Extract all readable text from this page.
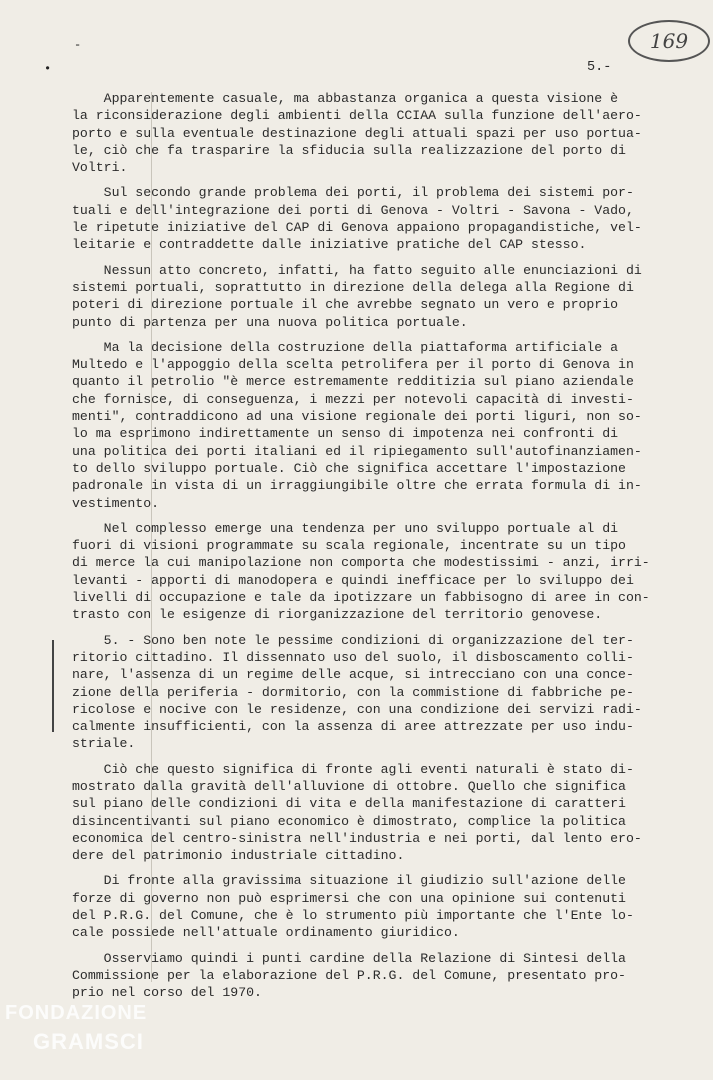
169
-
•	5.-

Apparentemente casuale, ma abbastanza organica a questa visione è
la riconsiderazione degli ambienti della CCIAA sulla funzione dell'aero-
porto e sulla eventuale destinazione degli attuali spazi per uso portua-
le, ciò che fa trasparire la sfiducia sulla realizzazione del porto di
Voltri.

Sul secondo grande problema dei porti, il problema dei sistemi por-
tuali e dell'integrazione dei porti di Genova - Voltri - Savona - Vado,
le ripetute iniziative del CAP di Genova appaiono propagandistiche, vel-
leitarie e contraddette dalle iniziative pratiche del CAP stesso.

Nessun atto concreto, infatti, ha fatto seguito alle enunciazioni di
sistemi portuali, soprattutto in direzione della delega alla Regione di
poteri di direzione portuale il che avrebbe segnato un vero e proprio
punto di partenza per una nuova politica portuale.

Ma la decisione della costruzione della piattaforma artificiale a
Multedo e l'appoggio della scelta petrolifera per il porto di Genova in
quanto il petrolio "è merce estremamente redditizia sul piano aziendale
che fornisce, di conseguenza, i mezzi per notevoli capacità di investi-
menti", contraddicono ad una visione regionale dei porti liguri, non so-
lo ma esprimono indirettamente un senso di impotenza nei confronti di
una politica dei porti italiani ed il ripiegamento sull'autofinanziamen-
to dello sviluppo portuale. Ciò che significa accettare l'impostazione
padronale in vista di un irraggiungibile oltre che errata formula di in-
vestimento.

Nel complesso emerge una tendenza per uno sviluppo portuale al di
fuori di visioni programmate su scala regionale, incentrate su un tipo
di merce la cui manipolazione non comporta che modestissimi - anzi, irri-
levanti - apporti di manodopera e quindi inefficace per lo sviluppo dei
livelli di occupazione e tale da ipotizzare un fabbisogno di aree in con-
trasto con le esigenze di riorganizzazione del territorio genovese.

5. - Sono ben note le pessime condizioni di organizzazione del ter-
ritorio cittadino. Il dissennato uso del suolo, il disboscamento colli-
nare, l'assenza di un regime delle acque, si intrecciano con una conce-
zione della periferia - dormitorio, con la commistione di fabbriche pe-
ricolose e nocive con le residenze, con una condizione dei servizi radi-
calmente insufficienti, con la assenza di aree attrezzate per uso indu-
striale.

Ciò che questo significa di fronte agli eventi naturali è stato di-
mostrato dalla gravità dell'alluvione di ottobre. Quello che significa
sul piano delle condizioni di vita e della manifestazione di caratteri
disincentivanti sul piano economico è dimostrato, complice la politica
economica del centro-sinistra nell'industria e nei porti, dal lento ero-
dere del patrimonio industriale cittadino.

Di fronte alla gravissima situazione il giudizio sull'azione delle
forze di governo non può esprimersi che con una opinione sui contenuti
del P.R.G. del Comune, che è lo strumento più importante che l'Ente lo-
cale possiede nell'attuale ordinamento giuridico.

Osserviamo quindi i punti cardine della Relazione di Sintesi della
Commissione per la elaborazione del P.R.G. del Comune, presentato pro-
prio nel corso del 1970.

FONDAZIONE
GRAMSCI
